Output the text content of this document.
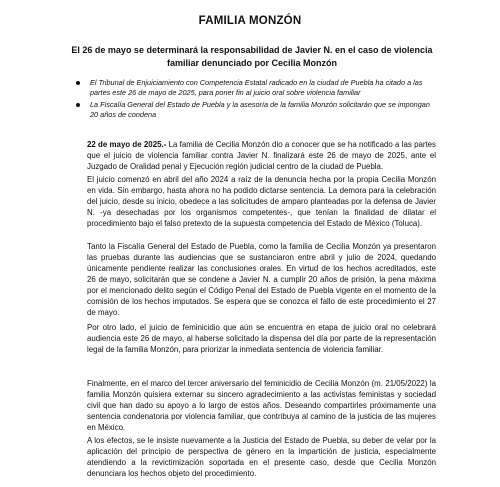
FAMILIA MONZÓN
El 26 de mayo se determinará la responsabilidad de Javier N. en el caso de violencia familiar denunciado por Cecilia Monzón
El Tribunal de Enjuiciamiento con Competencia Estatal radicado en la ciudad de Puebla ha citado a las partes este 26 de mayo de 2025, para poner fin al juicio oral sobre violencia familiar
La Fiscalía General del Estado de Puebla y la asesoría de la familia Monzón solicitarán que se impongan 20 años de condena

22 de mayo de 2025.- La familia de Cecilia Monzón dio a conocer que se ha notificado a las partes que el juicio de violencia familiar contra Javier N. finalizará este 26 de mayo de 2025, ante el Juzgado de Oralidad penal y Ejecución región judicial centro de la ciudad de Puebla.

El juicio comenzó en abril del año 2024 a raíz de la denuncia hecha por la propia Cecilia Monzón en vida. Sin embargo, hasta ahora no ha podido dictarse sentencia. La demora para la celebración del juicio, desde su inicio, obedece a las solicitudes de amparo planteadas por la defensa de Javier N. -ya desechadas por los organismos competentes-, que tenían la finalidad de dilatar el procedimiento bajo el falso pretexto de la supuesta competencia del Estado de México (Toluca).

Tanto la Fiscalía General del Estado de Puebla, como la familia de Cecilia Monzón ya presentaron las pruebas durante las audiencias que se sustanciaron entre abril y julio de 2024, quedando únicamente pendiente realizar las conclusiones orales. En virtud de los hechos acreditados, este 26 de mayo, solicitarán que se condene a Javier N. a cumplir 20 años de prisión, la pena máxima por el mencionado delito según el Código Penal del Estado de Puebla vigente en el momento de la comisión de los hechos imputados. Se espera que se conozca el fallo de este procedimiento el 27 de mayo.

Por otro lado, el juicio de feminicidio que aún se encuentra en etapa de juicio oral no celebrará audiencia este 26 de mayo, al haberse solicitado la dispensa del día por parte de la representación legal de la familia Monzón, para priorizar la inmediata sentencia de violencia familiar.

Finalmente, en el marco del tercer aniversario del feminicidio de Cecilia Monzón (m. 21/05/2022) la familia Monzón quisiera externar su sincero agradecimiento a las activistas feministas y sociedad civil que han dado su apoyo a lo largo de estos años. Deseando compartirles próximamente una sentencia condenatoria por violencia familiar, que contribuya al camino de la justicia de las mujeres en México.

A los efectos, se le insiste nuevamente a la Justicia del Estado de Puebla, su deber de velar por la aplicación del principio de perspectiva de género en la impartición de justicia, especialmente atendiendo a la revictimización soportada en el presente caso, desde que Cecilia Monzón denunciara los hechos objeto del procedimiento.
